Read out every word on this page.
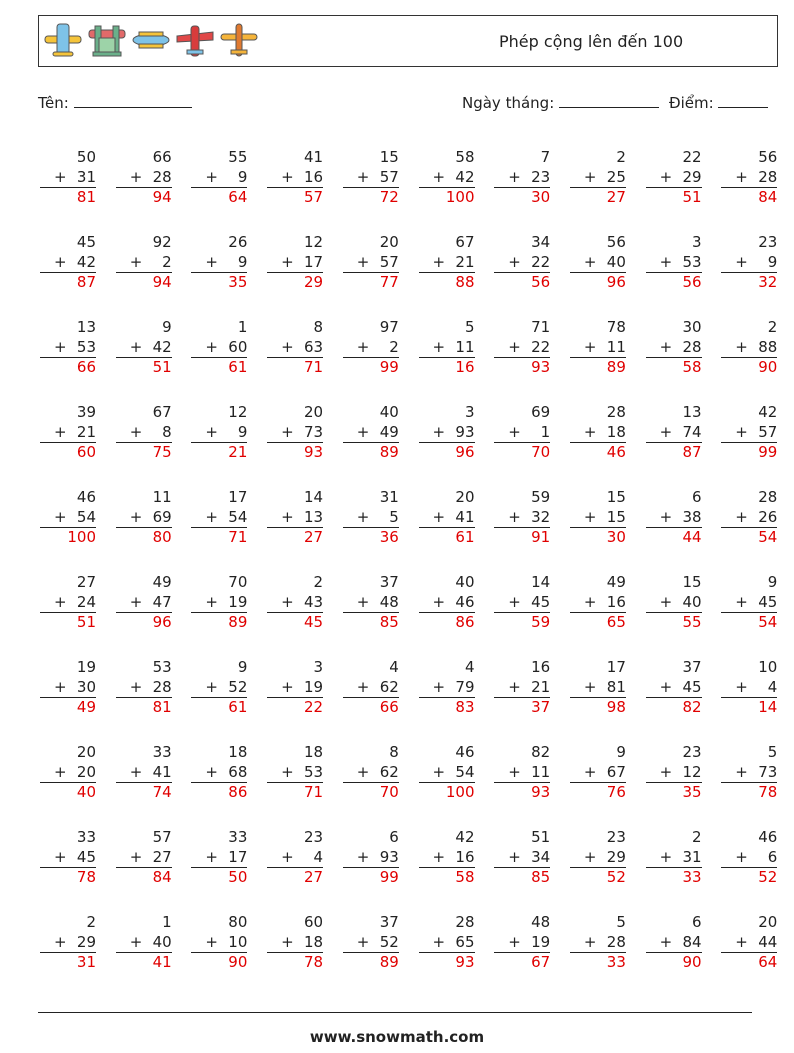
Phép cộng lên đến 100
Tên:	Ngày tháng:	Điểm:
50
+ 31
81
66
+ 28
94
55
+ 9
64
41
+ 16
57
15
+ 57
72
58
+ 42
100
7
+ 23
30
2
+ 25
27
22
+ 29
51
56
+ 28
84
45
+ 42
87
92
+ 2
94
26
+ 9
35
12
+ 17
29
20
+ 57
77
67
+ 21
88
34
+ 22
56
56
+ 40
96
3
+ 53
56
23
+ 9
32
13
+ 53
66
9
+ 42
51
1
+ 60
61
8
+ 63
71
97
+ 2
99
5
+ 11
16
71
+ 22
93
78
+ 11
89
30
+ 28
58
2
+ 88
90
39
+ 21
60
67
+ 8
75
12
+ 9
21
20
+ 73
93
40
+ 49
89
3
+ 93
96
69
+ 1
70
28
+ 18
46
13
+ 74
87
42
+ 57
99
46
+ 54
100
11
+ 69
80
17
+ 54
71
14
+ 13
27
31
+ 5
36
20
+ 41
61
59
+ 32
91
15
+ 15
30
6
+ 38
44
28
+ 26
54
27
+ 24
51
49
+ 47
96
70
+ 19
89
2
+ 43
45
37
+ 48
85
40
+ 46
86
14
+ 45
59
49
+ 16
65
15
+ 40
55
9
+ 45
54
19
+ 30
49
53
+ 28
81
9
+ 52
61
3
+ 19
22
4
+ 62
66
4
+ 79
83
16
+ 21
37
17
+ 81
98
37
+ 45
82
10
+ 4
14
20
+ 20
40
33
+ 41
74
18
+ 68
86
18
+ 53
71
8
+ 62
70
46
+ 54
100
82
+ 11
93
9
+ 67
76
23
+ 12
35
5
+ 73
78
33
+ 45
78
57
+ 27
84
33
+ 17
50
23
+ 4
27
6
+ 93
99
42
+ 16
58
51
+ 34
85
23
+ 29
52
2
+ 31
33
46
+ 6
52
2
+ 29
31
1
+ 40
41
80
+ 10
90
60
+ 18
78
37
+ 52
89
28
+ 65
93
48
+ 19
67
5
+ 28
33
6
+ 84
90
20
+ 44
64
www.snowmath.com
